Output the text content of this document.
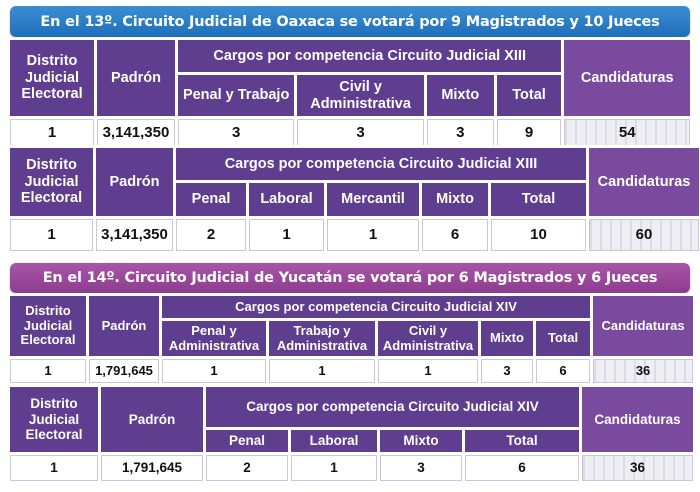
En el 13º. Circuito Judicial de Oaxaca se votará por 9 Magistrados y 10 Jueces
Distrito Judicial Electoral	Padrón	Cargos por competencia Circuito Judicial XIII				Candidaturas
		Penal y Trabajo	Civil y Administrativa	Mixto	Total	
1	3,141,350	3	3	3	9	54
Distrito Judicial Electoral	Padrón	Cargos por competencia Circuito Judicial XIII					Candidaturas
		Penal	Laboral	Mercantil	Mixto	Total	
1	3,141,350	2	1	1	6	10	60
En el 14º. Circuito Judicial de Yucatán se votará por 6 Magistrados y 6 Jueces
Distrito Judicial Electoral	Padrón	Cargos por competencia Circuito Judicial XIV					Candidaturas
		Penal y Administrativa	Trabajo y Administrativa	Civil y Administrativa	Mixto	Total	
1	1,791,645	1	1	1	3	6	36
Distrito Judicial Electoral	Padrón	Cargos por competencia Circuito Judicial XIV				Candidaturas
		Penal	Laboral	Mixto	Total	
1	1,791,645	2	1	3	6	36
